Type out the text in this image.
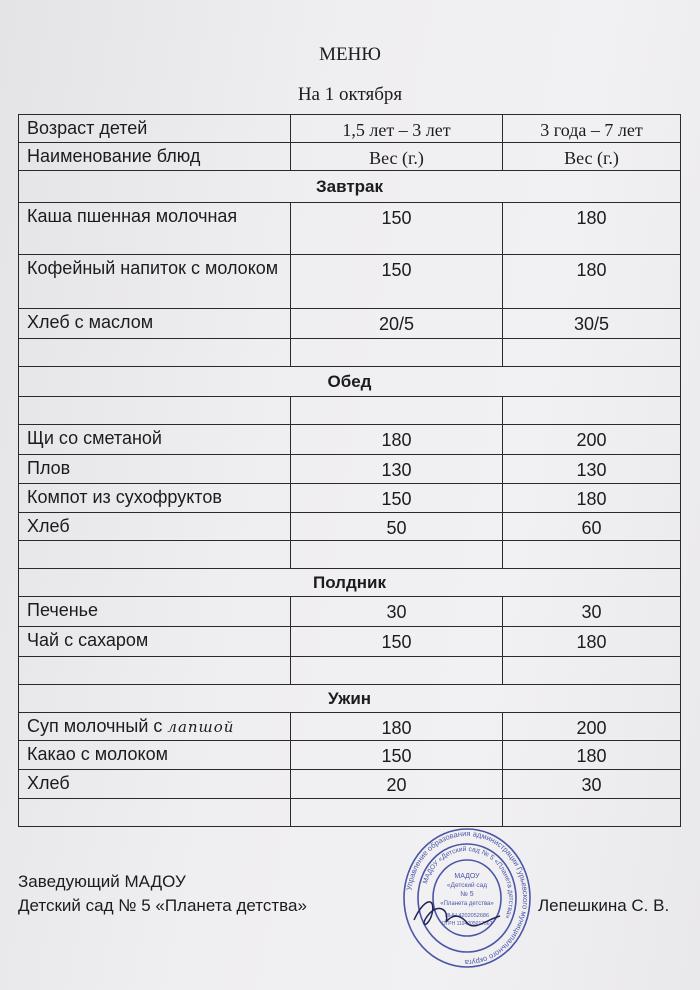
МЕНЮ
На 1 октября
Возраст детей	1,5 лет – 3 лет	3 года – 7 лет
Наименование блюд	Вес (г.)	Вес (г.)
Завтрак		
Каша пшенная молочная	150	180
Кофейный напиток с молоком	150	180
Хлеб с маслом	20/5	30/5

Обед		

Щи со сметаной	180	200
Плов	130	130
Компот из сухофруктов	150	180
Хлеб	50	60

Полдник		
Печенье	30	30
Чай с сахаром	150	180

Ужин		
Суп молочный с лапшой	180	200
Какао с молоком	150	180
Хлеб	20	30

Заведующий МАДОУ
Детский сад № 5 «Планета детства»	Лепешкина С. В.
Управление образования администрации Гурьевского муниципального округа
МАДОУ «Детский сад № 5 «Планета детства»
МАДОУ
«Детский сад
№ 5
«Планета детства»
ИНН 4202052686
ОГРН 1194205017367
